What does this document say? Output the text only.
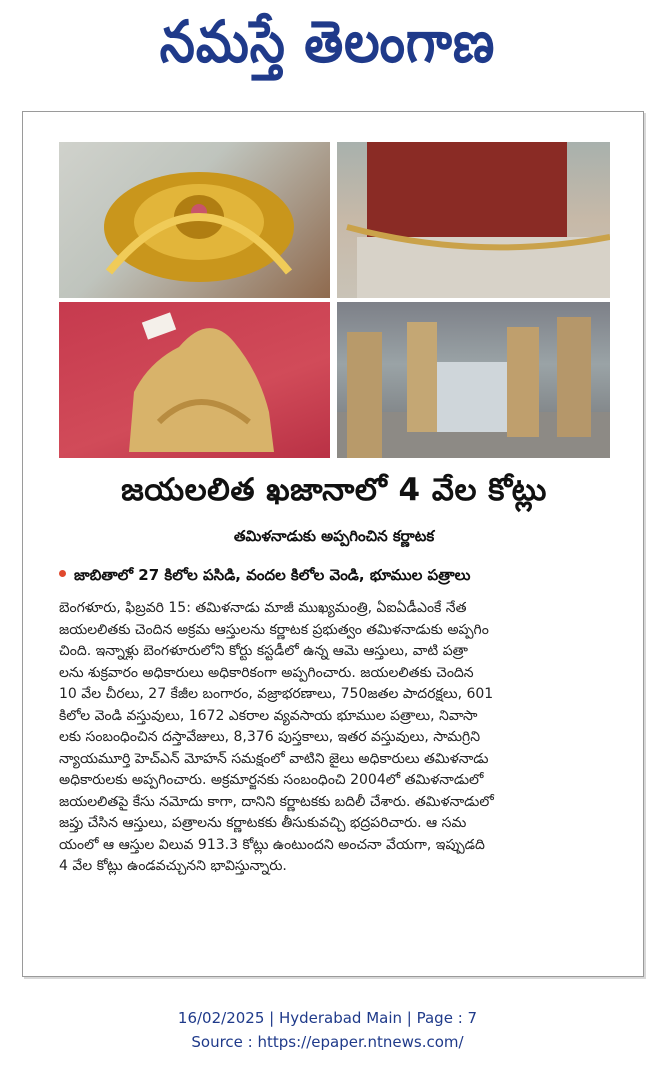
నమస్తే తెలంగాణ
జయలలిత ఖజానాలో 4 వేల కోట్లు
తమిళనాడుకు అప్పగించిన కర్ణాటక
జాబితాలో 27 కిలోల పసిడి, వందల కిలోల వెండి, భూముల పత్రాలు
బెంగళూరు, ఫిబ్రవరి 15: తమిళనాడు మాజీ ముఖ్యమంత్రి, ఏఐఏడీఎంకే నేత
జయలలితకు చెందిన అక్రమ ఆస్తులను కర్ణాటక ప్రభుత్వం తమిళనాడుకు అప్పగిం
చింది. ఇన్నాళ్లు బెంగళూరులోని కోర్టు కస్టడీలో ఉన్న ఆమె ఆస్తులు, వాటి పత్రా
లను శుక్రవారం అధికారులు అధికారికంగా అప్పగించారు. జయలలితకు చెందిన
10 వేల చీరలు, 27 కేజీల బంగారం, వజ్రాభరణాలు, 750జతల పాదరక్షలు, 601
కిలోల వెండి వస్తువులు, 1672 ఎకరాల వ్యవసాయ భూముల పత్రాలు, నివాసా
లకు సంబంధించిన దస్తావేజులు, 8,376 పుస్తకాలు, ఇతర వస్తువులు, సామగ్రిని
న్యాయమూర్తి హెచ్ఎన్ మోహన్ సమక్షంలో వాటిని జైలు అధికారులు తమిళనాడు
అధికారులకు అప్పగించారు. అక్రమార్జనకు సంబంధించి 2004లో తమిళనాడులో
జయలలితపై కేసు నమోదు కాగా, దానిని కర్ణాటకకు బదిలీ చేశారు. తమిళనాడులో
జప్తు చేసిన ఆస్తులు, పత్రాలను కర్ణాటకకు తీసుకువచ్చి భద్రపరిచారు. ఆ సమ
యంలో ఆ ఆస్తుల విలువ 913.3 కోట్లు ఉంటుందని అంచనా వేయగా, ఇప్పుడది
4 వేల కోట్లు ఉండవచ్చునని భావిస్తున్నారు.
16/02/2025 | Hyderabad Main | Page : 7
Source : https://epaper.ntnews.com/
